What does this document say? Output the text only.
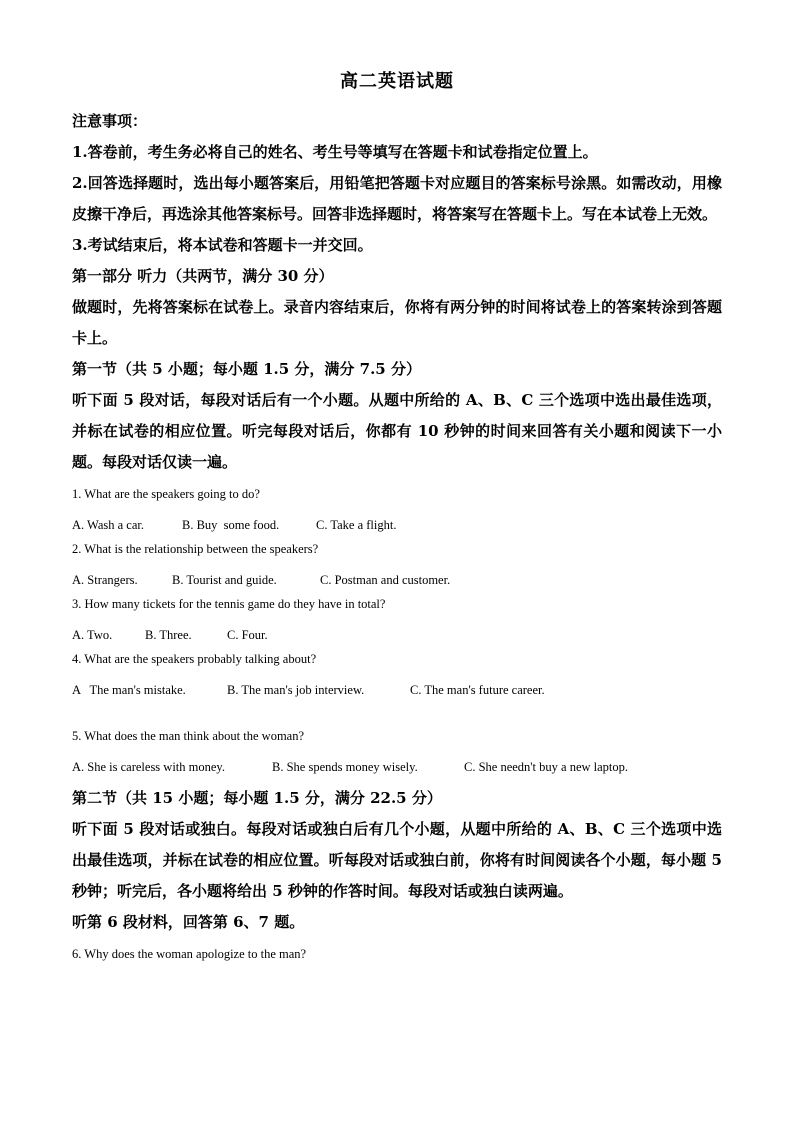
高二英语试题

注意事项：

1.答卷前，考生务必将自己的姓名、考生号等填写在答题卡和试卷指定位置上。

2.回答选择题时，选出每小题答案后，用铅笔把答题卡对应题目的答案标号涂黑。如需改动，用橡皮擦干净后，再选涂其他答案标号。回答非选择题时，将答案写在答题卡上。写在本试卷上无效。

3.考试结束后，将本试卷和答题卡一并交回。

第一部分 听力（共两节，满分 30 分）

做题时，先将答案标在试卷上。录音内容结束后，你将有两分钟的时间将试卷上的答案转涂到答题卡上。

第一节（共 5 小题；每小题 1.5 分，满分 7.5 分）

听下面 5 段对话，每段对话后有一个小题。从题中所给的 A、B、C 三个选项中选出最佳选项，并标在试卷的相应位置。听完每段对话后，你都有 10 秒钟的时间来回答有关小题和阅读下一小题。每段对话仅读一遍。

1. What are the speakers going to do?

A. Wash a car.	B. Buy  some food.	C. Take a flight.

2. What is the relationship between the speakers?

A. Strangers.	B. Tourist and guide.	C. Postman and customer.

3. How many tickets for the tennis game do they have in total?

A. Two.	B. Three.	C. Four.

4. What are the speakers probably talking about?

A   The man's mistake.	B. The man's job interview.	C. The man's future career.

5. What does the man think about the woman?

A. She is careless with money.	B. She spends money wisely.	C. She needn't buy a new laptop.

第二节（共 15 小题；每小题 1.5 分，满分 22.5 分）

听下面 5 段对话或独白。每段对话或独白后有几个小题，从题中所给的 A、B、C 三个选项中选出最佳选项，并标在试卷的相应位置。听每段对话或独白前，你将有时间阅读各个小题，每小题 5 秒钟；听完后，各小题将给出 5 秒钟的作答时间。每段对话或独白读两遍。

听第 6 段材料，回答第 6、7 题。

6. Why does the woman apologize to the man?
